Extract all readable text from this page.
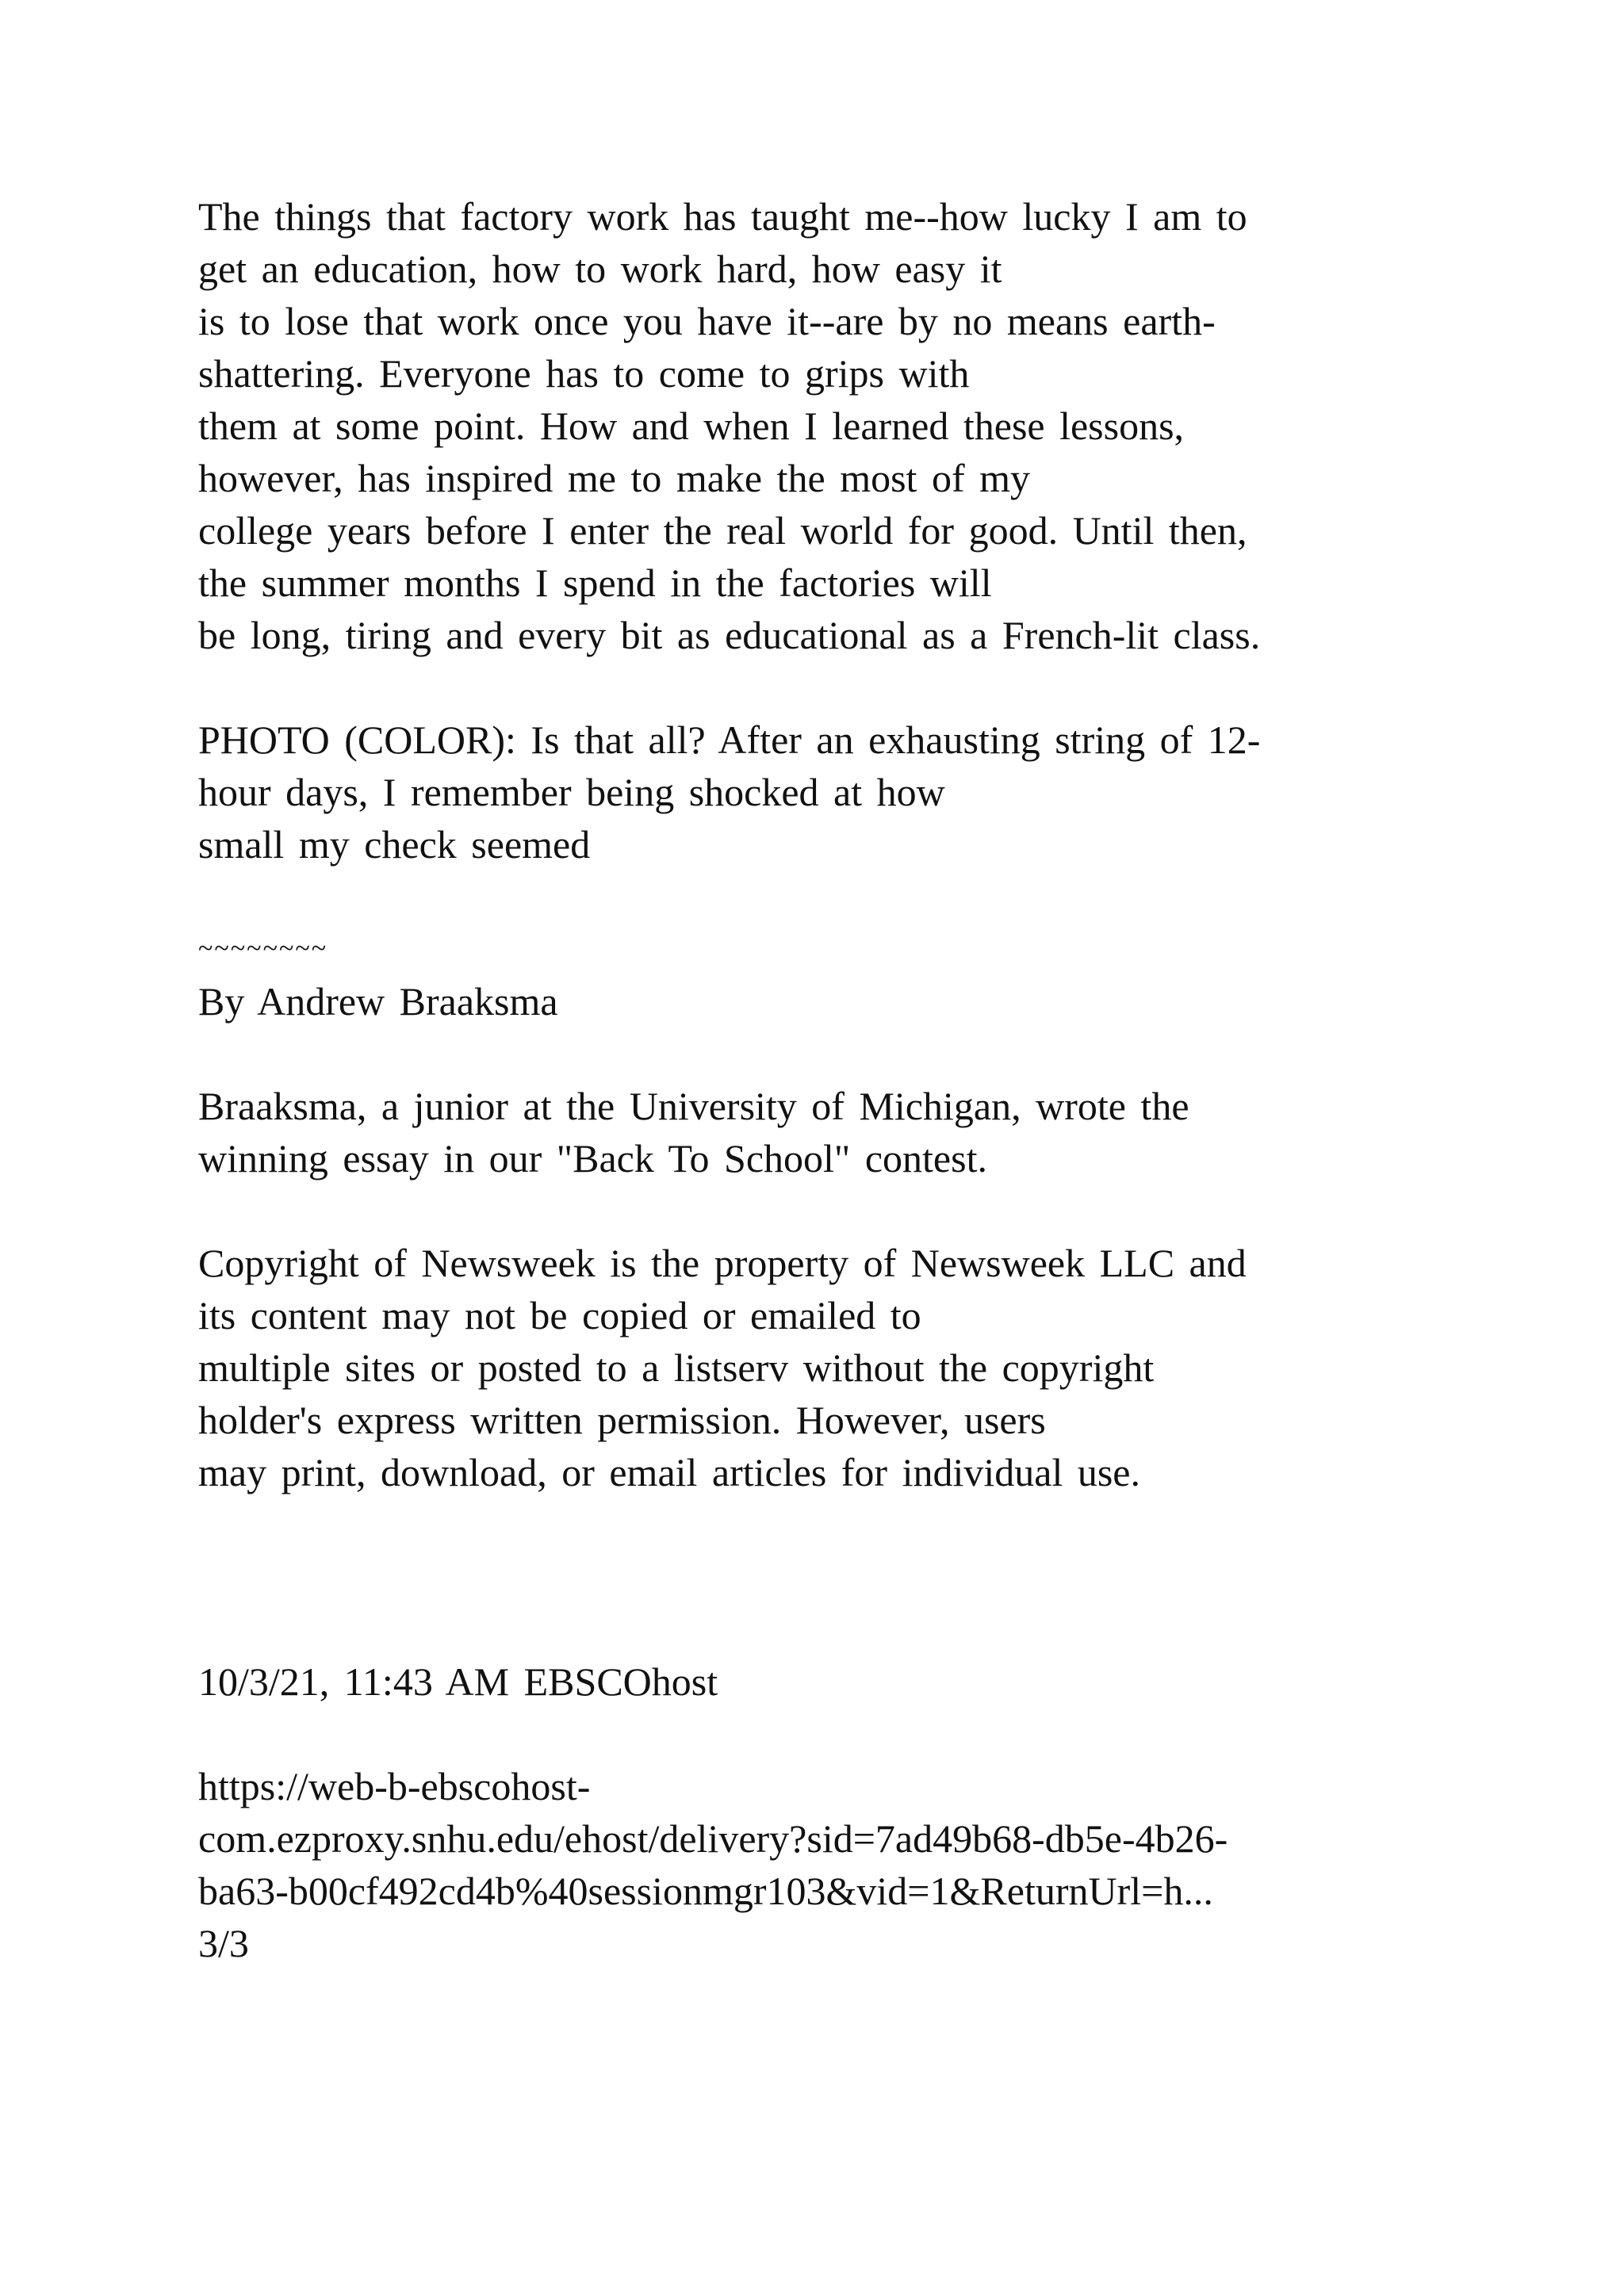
The things that factory work has taught me--how lucky I am to
get an education, how to work hard, how easy it
is to lose that work once you have it--are by no means earth-
shattering. Everyone has to come to grips with
them at some point. How and when I learned these lessons,
however, has inspired me to make the most of my
college years before I enter the real world for good. Until then,
the summer months I spend in the factories will
be long, tiring and every bit as educational as a French-lit class.
PHOTO (COLOR): Is that all? After an exhausting string of 12-
hour days, I remember being shocked at how
small my check seemed
~~~~~~~~
By Andrew Braaksma
Braaksma, a junior at the University of Michigan, wrote the
winning essay in our "Back To School" contest.
Copyright of Newsweek is the property of Newsweek LLC and
its content may not be copied or emailed to
multiple sites or posted to a listserv without the copyright
holder's express written permission. However, users
may print, download, or email articles for individual use.
10/3/21, 11:43 AM EBSCOhost
https://web-b-ebscohost-
com.ezproxy.snhu.edu/ehost/delivery?sid=7ad49b68-db5e-4b26-
ba63-b00cf492cd4b%40sessionmgr103&vid=1&ReturnUrl=h...
3/3
